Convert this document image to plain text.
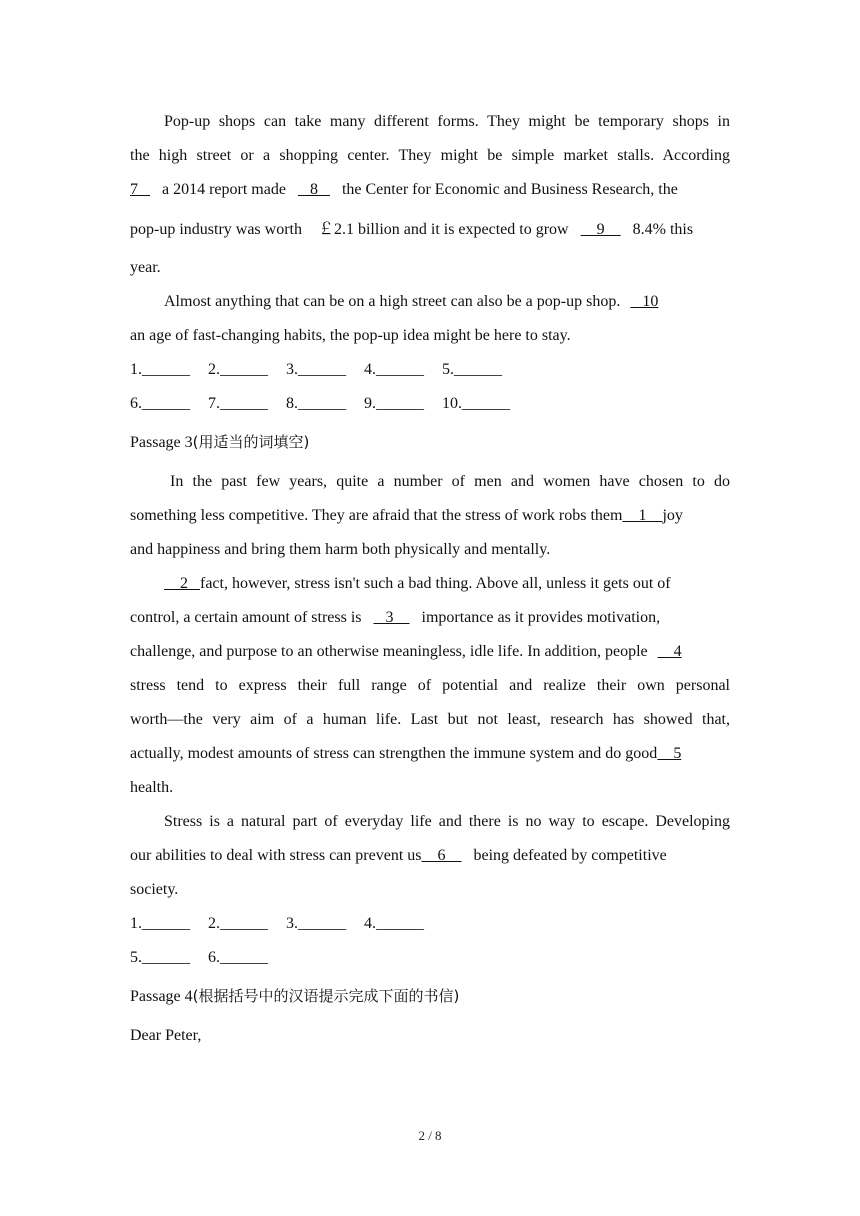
Pop-up shops can take many different forms. They might be temporary shops in
the high street or a shopping center. They might be simple market stalls. According
7    a 2014 report made    8    the Center for Economic and Business Research, the
pop-up industry was worth ￡2.1 billion and it is expected to grow     9     8.4% this
year.
Almost anything that can be on a high street can also be a pop-up shop.    10
an age of fast-changing habits, the pop-up idea might be here to stay.
1.______ 2.______ 3.______ 4.______ 5.______
6.______ 7.______ 8.______ 9.______ 10.______
Passage 3(用适当的词填空)
In the past few years, quite a number of men and women have chosen to do
something less competitive. They are afraid that the stress of work robs them    1    joy
and happiness and bring them harm both physically and mentally.
2   fact, however, stress isn't such a bad thing. Above all, unless it gets out of
control, a certain amount of stress is    3     importance as it provides motivation,
challenge, and purpose to an otherwise meaningless, idle life. In addition, people     4
stress tend to express their full range of potential and realize their own personal
worth—the very aim of a human life. Last but not least, research has showed that,
actually, modest amounts of stress can strengthen the immune system and do good    5
health.
Stress is a natural part of everyday life and there is no way to escape. Developing
our abilities to deal with stress can prevent us    6     being defeated by competitive
society.
1.______ 2.______ 3.______ 4.______
5.______ 6.______
Passage 4(根据括号中的汉语提示完成下面的书信)
Dear Peter,
2 / 8
